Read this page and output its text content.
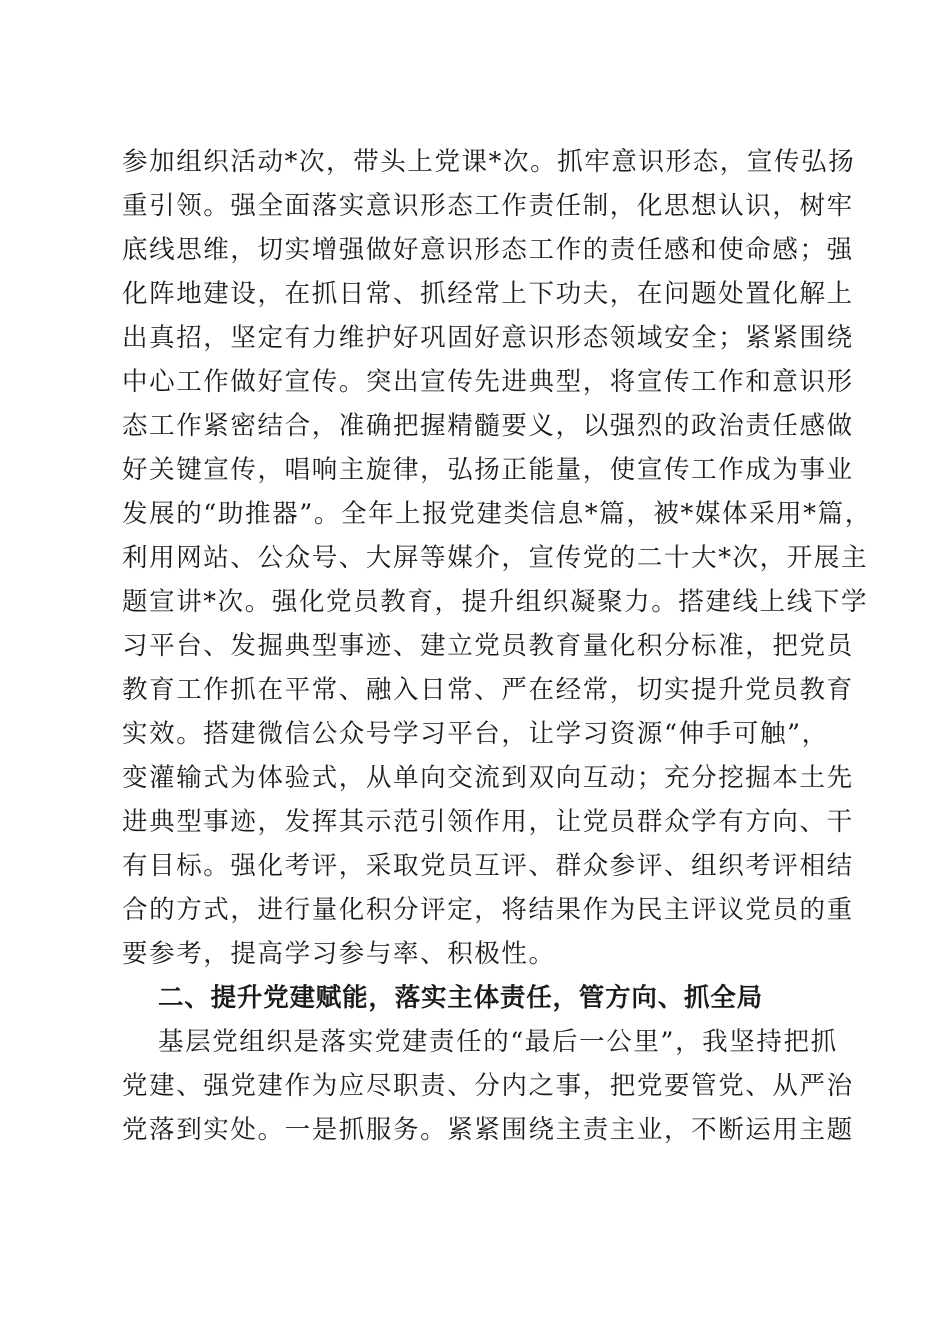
参加组织活动*次，带头上党课*次。抓牢意识形态，宣传弘扬

重引领。强全面落实意识形态工作责任制，化思想认识，树牢

底线思维，切实增强做好意识形态工作的责任感和使命感；强

化阵地建设，在抓日常、抓经常上下功夫，在问题处置化解上

出真招，坚定有力维护好巩固好意识形态领域安全；紧紧围绕

中心工作做好宣传。突出宣传先进典型，将宣传工作和意识形

态工作紧密结合，准确把握精髓要义，以强烈的政治责任感做

好关键宣传，唱响主旋律，弘扬正能量，使宣传工作成为事业

发展的“助推器”。全年上报党建类信息*篇，被*媒体采用*篇，

利用网站、公众号、大屏等媒介，宣传党的二十大*次，开展主

题宣讲*次。强化党员教育，提升组织凝聚力。搭建线上线下学

习平台、发掘典型事迹、建立党员教育量化积分标准，把党员

教育工作抓在平常、融入日常、严在经常，切实提升党员教育

实效。搭建微信公众号学习平台，让学习资源“伸手可触”，

变灌输式为体验式，从单向交流到双向互动；充分挖掘本土先

进典型事迹，发挥其示范引领作用，让党员群众学有方向、干

有目标。强化考评，采取党员互评、群众参评、组织考评相结

合的方式，进行量化积分评定，将结果作为民主评议党员的重

要参考，提高学习参与率、积极性。

二、提升党建赋能，落实主体责任，管方向、抓全局

基层党组织是落实党建责任的“最后一公里”，我坚持把抓

党建、强党建作为应尽职责、分内之事，把党要管党、从严治

党落到实处。一是抓服务。紧紧围绕主责主业，不断运用主题
